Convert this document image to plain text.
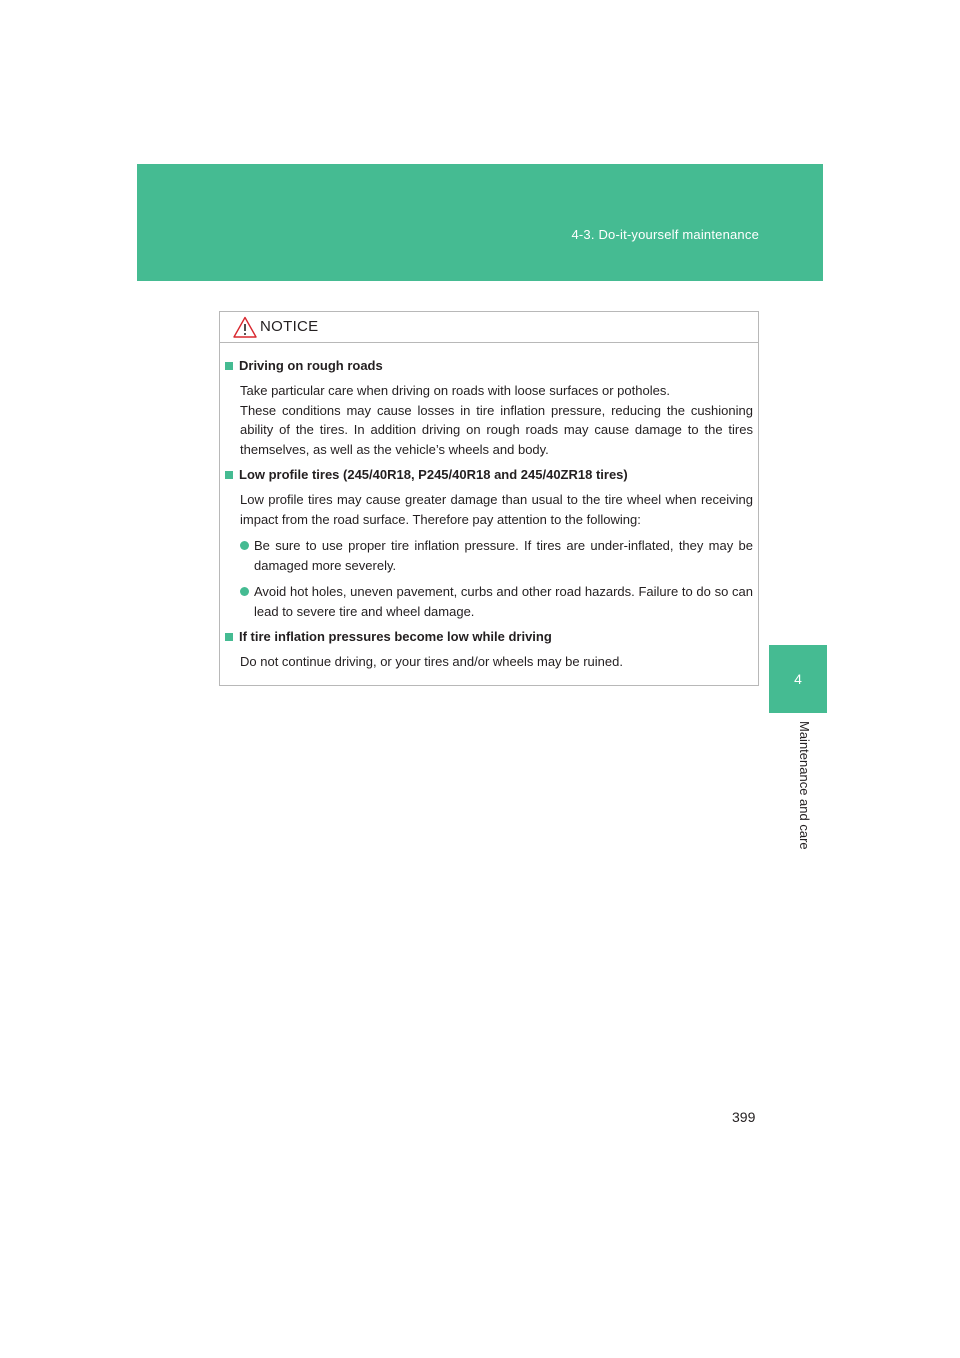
4-3. Do-it-yourself maintenance

4
Maintenance and care
NOTICE
Driving on rough roads

Take particular care when driving on roads with loose surfaces or potholes.

These conditions may cause losses in tire inflation pressure, reducing the cushioning ability of the tires. In addition driving on rough roads may cause damage to the tires themselves, as well as the vehicle’s wheels and body.

Low profile tires (245/40R18, P245/40R18 and 245/40ZR18 tires)

Low profile tires may cause greater damage than usual to the tire wheel when receiving impact from the road surface. Therefore pay attention to the following:

Be sure to use proper tire inflation pressure. If tires are under-inflated, they may be damaged more severely.
Avoid hot holes, uneven pavement, curbs and other road hazards. Failure to do so can lead to severe tire and wheel damage.
If tire inflation pressures become low while driving

Do not continue driving, or your tires and/or wheels may be ruined.

399
